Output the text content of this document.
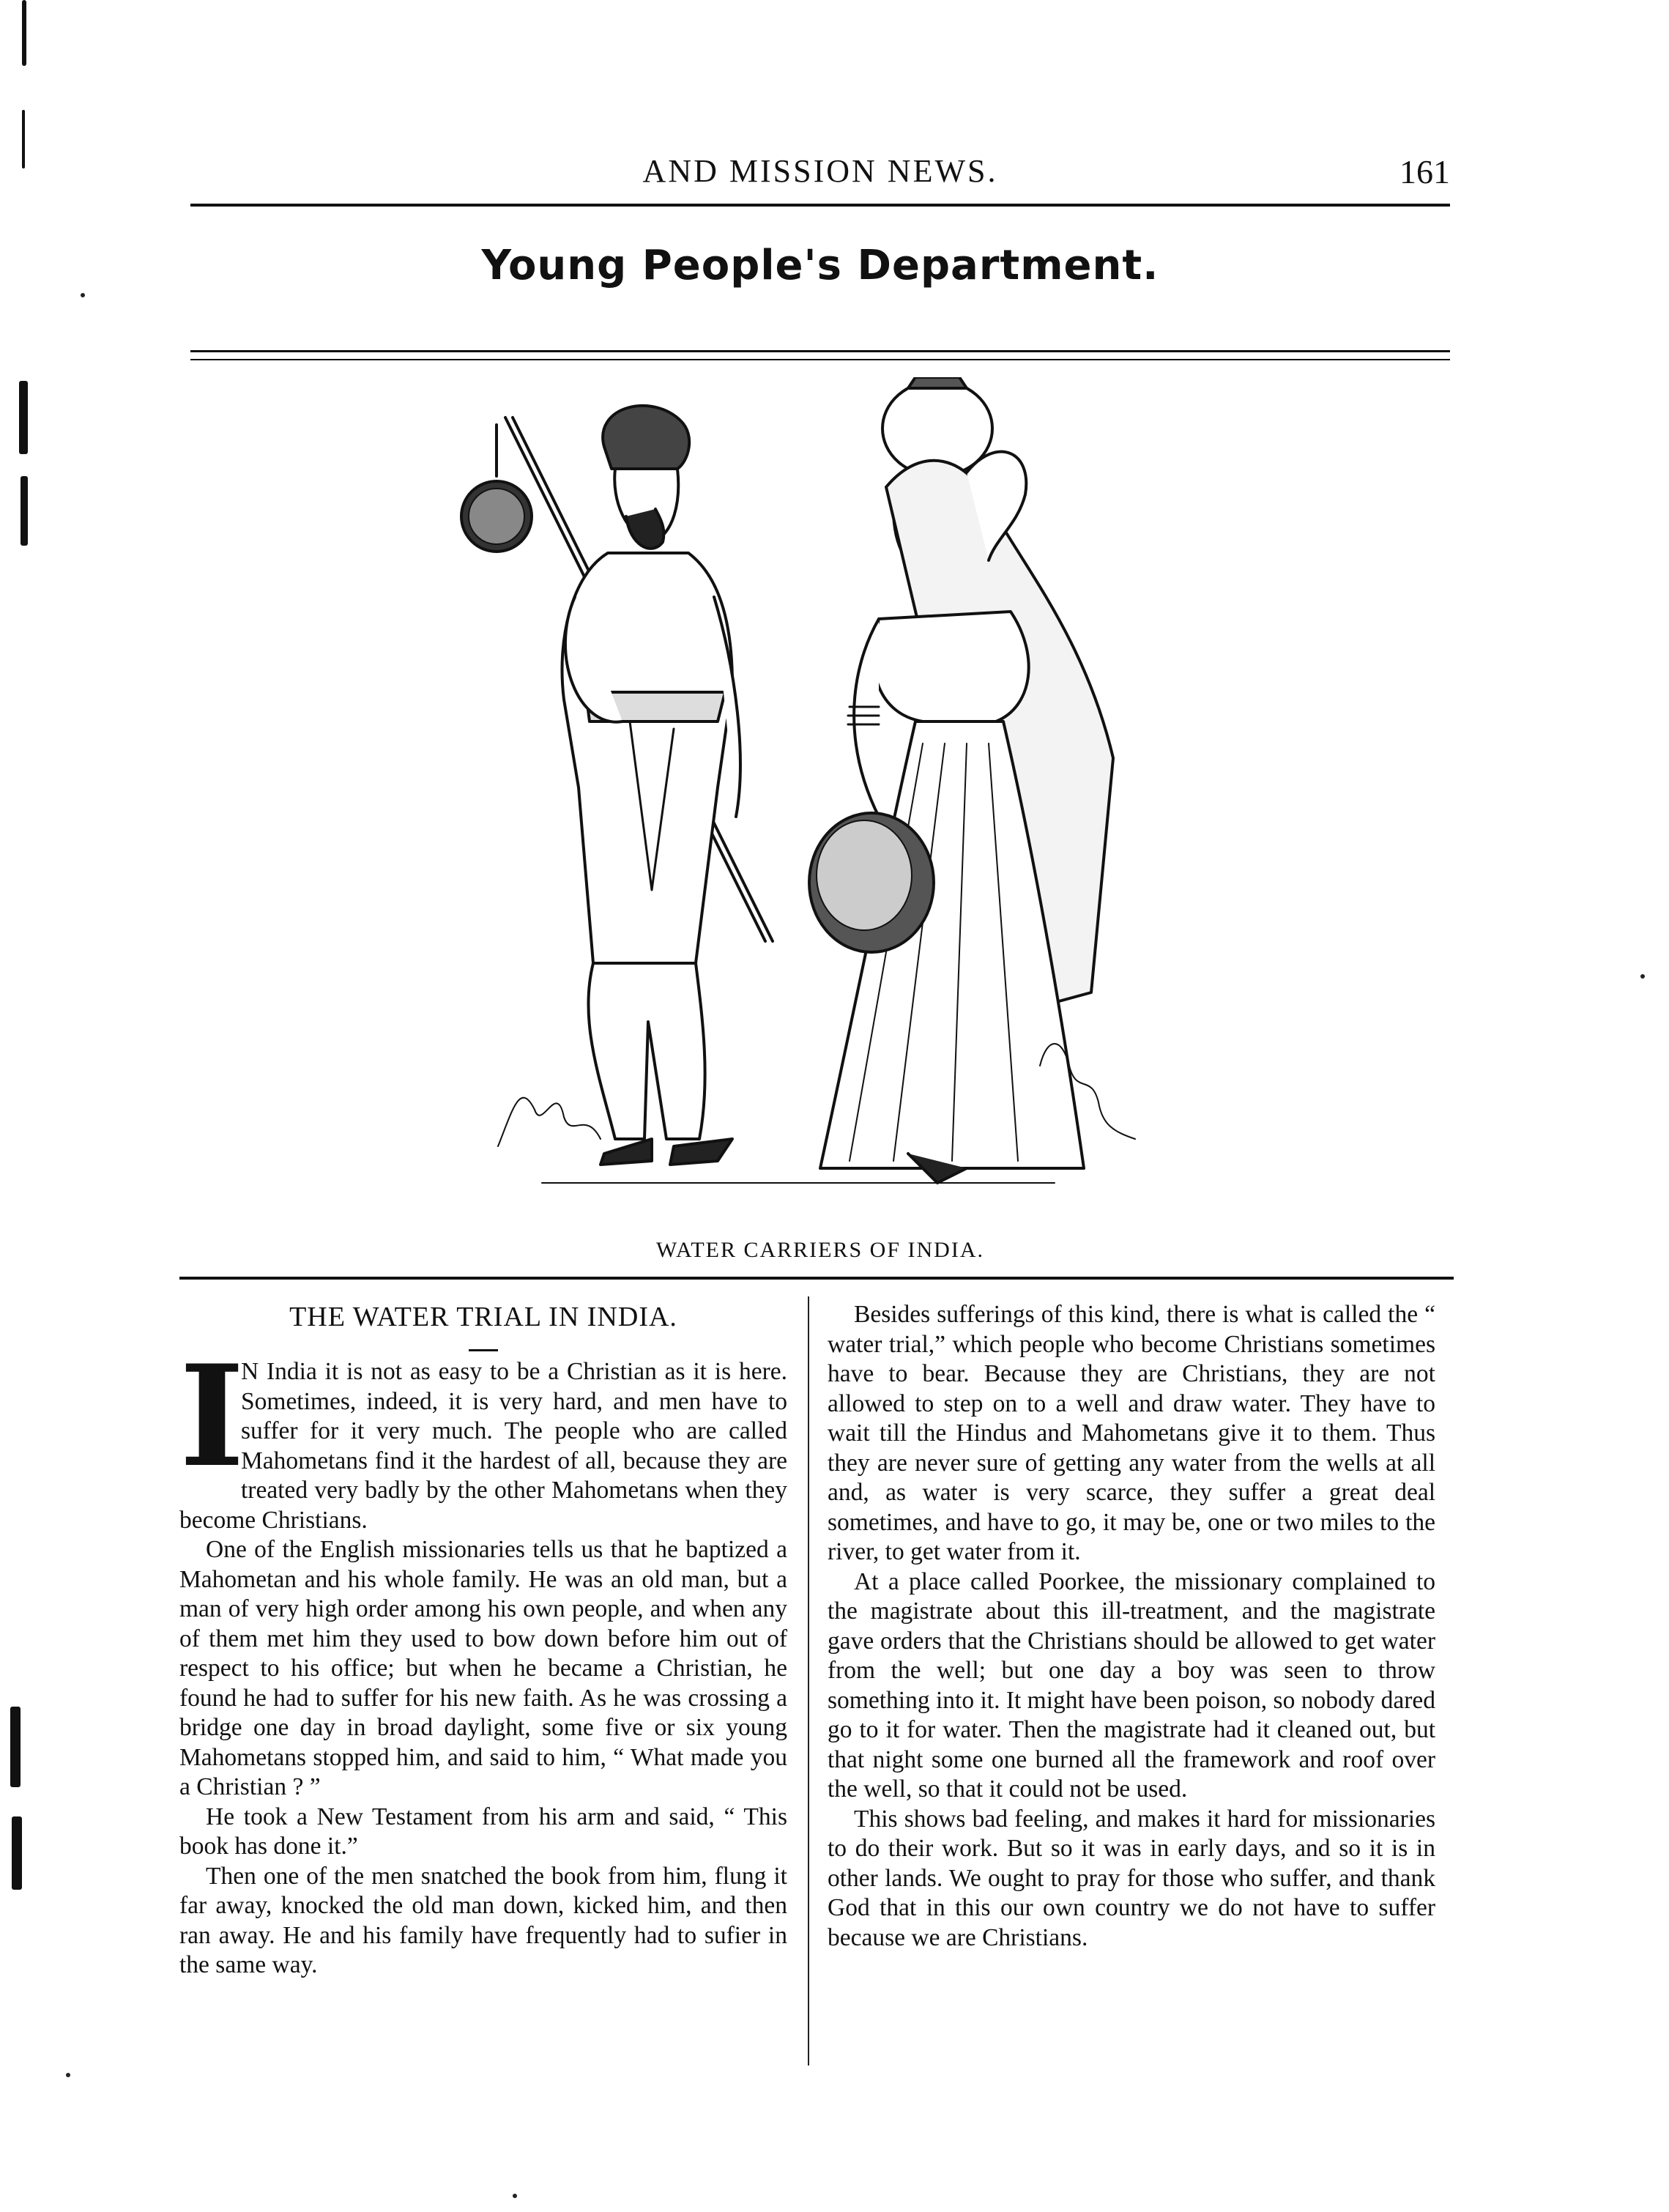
AND MISSION NEWS.	161
Young People's Department.
WATER CARRIERS OF INDIA.
THE WATER TRIAL IN INDIA.

I
N India it is not as easy to be a Christian as it is here. Sometimes, indeed, it is very hard, and men have to suffer for it very much. The people who are called Mahometans find it the hardest of all, because they are treated very badly by the other Mahometans when they become Christians.

One of the English missionaries tells us that he baptized a Mahometan and his whole family. He was an old man, but a man of very high order among his own people, and when any of them met him they used to bow down before him out of respect to his office; but when he became a Christian, he found he had to suffer for his new faith. As he was crossing a bridge one day in broad daylight, some five or six young Mahometans stopped him, and said to him, “ What made you a Christian ? ”

He took a New Testament from his arm and said, “ This book has done it.”

Then one of the men snatched the book from him, flung it far away, knocked the old man down, kicked him, and then ran away. He and his family have frequently had to sufier in the same way.

Besides sufferings of this kind, there is what is called the “ water trial,” which people who become Christians sometimes have to bear. Because they are Christians, they are not allowed to step on to a well and draw water. They have to wait till the Hindus and Mahometans give it to them. Thus they are never sure of getting any water from the wells at all and, as water is very scarce, they suffer a great deal sometimes, and have to go, it may be, one or two miles to the river, to get water from it.

At a place called Poorkee, the missionary complained to the magistrate about this ill-treatment, and the magistrate gave orders that the Christians should be allowed to get water from the well; but one day a boy was seen to throw something into it. It might have been poison, so nobody dared go to it for water. Then the magistrate had it cleaned out, but that night some one burned all the framework and roof over the well, so that it could not be used.

This shows bad feeling, and makes it hard for missionaries to do their work. But so it was in early days, and so it is in other lands. We ought to pray for those who suffer, and thank God that in this our own country we do not have to suffer because we are Christians.
